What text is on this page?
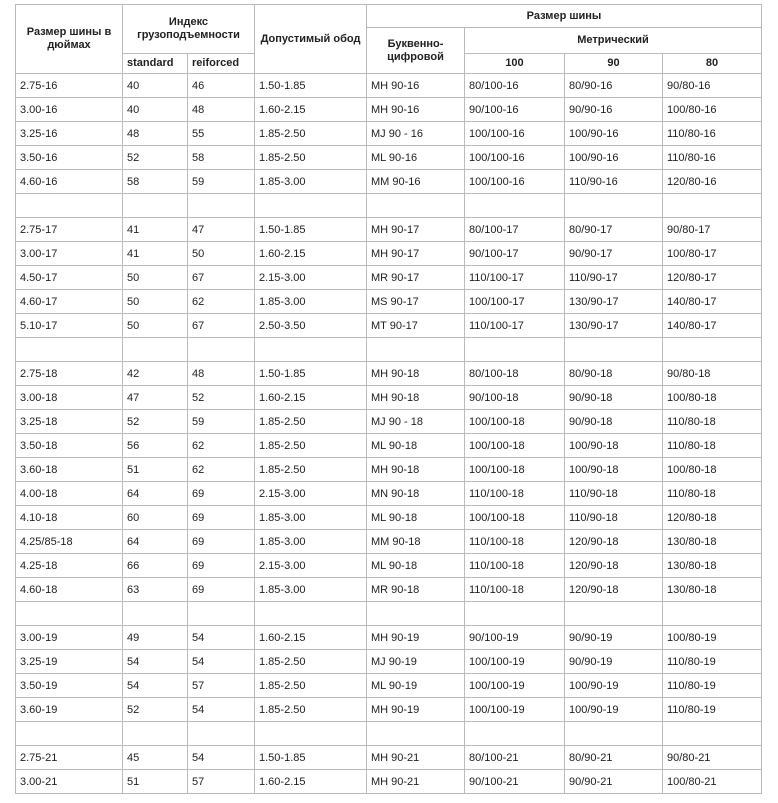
Размер шины в дюймах	Индекс грузоподъемности		Допустимый обод	Размер шины			
				Буквенно-цифровой	Метрический		
	standard	reiforced			100	90	80
2.75-16	40	46	1.50-1.85	MH 90-16	80/100-16	80/90-16	90/80-16
3.00-16	40	48	1.60-2.15	MH 90-16	90/100-16	90/90-16	100/80-16
3.25-16	48	55	1.85-2.50	MJ 90 - 16	100/100-16	100/90-16	110/80-16
3.50-16	52	58	1.85-2.50	ML 90-16	100/100-16	100/90-16	110/80-16
4.60-16	58	59	1.85-3.00	MM 90-16	100/100-16	110/90-16	120/80-16

2.75-17	41	47	1.50-1.85	MH 90-17	80/100-17	80/90-17	90/80-17
3.00-17	41	50	1.60-2.15	MH 90-17	90/100-17	90/90-17	100/80-17
4.50-17	50	67	2.15-3.00	MR 90-17	110/100-17	110/90-17	120/80-17
4.60-17	50	62	1.85-3.00	MS 90-17	100/100-17	130/90-17	140/80-17
5.10-17	50	67	2.50-3.50	MT 90-17	110/100-17	130/90-17	140/80-17

2.75-18	42	48	1.50-1.85	MH 90-18	80/100-18	80/90-18	90/80-18
3.00-18	47	52	1.60-2.15	MH 90-18	90/100-18	90/90-18	100/80-18
3.25-18	52	59	1.85-2.50	MJ 90 - 18	100/100-18	90/90-18	110/80-18
3.50-18	56	62	1.85-2.50	ML 90-18	100/100-18	100/90-18	110/80-18
3.60-18	51	62	1.85-2.50	MH 90-18	100/100-18	100/90-18	100/80-18
4.00-18	64	69	2.15-3.00	MN 90-18	110/100-18	110/90-18	110/80-18
4.10-18	60	69	1.85-3.00	ML 90-18	100/100-18	110/90-18	120/80-18
4.25/85-18	64	69	1.85-3.00	MM 90-18	110/100-18	120/90-18	130/80-18
4.25-18	66	69	2.15-3.00	ML 90-18	110/100-18	120/90-18	130/80-18
4.60-18	63	69	1.85-3.00	MR 90-18	110/100-18	120/90-18	130/80-18

3.00-19	49	54	1.60-2.15	MH 90-19	90/100-19	90/90-19	100/80-19
3.25-19	54	54	1.85-2.50	MJ 90-19	100/100-19	90/90-19	110/80-19
3.50-19	54	57	1.85-2.50	ML 90-19	100/100-19	100/90-19	110/80-19
3.60-19	52	54	1.85-2.50	MH 90-19	100/100-19	100/90-19	110/80-19

2.75-21	45	54	1.50-1.85	MH 90-21	80/100-21	80/90-21	90/80-21
3.00-21	51	57	1.60-2.15	MH 90-21	90/100-21	90/90-21	100/80-21
